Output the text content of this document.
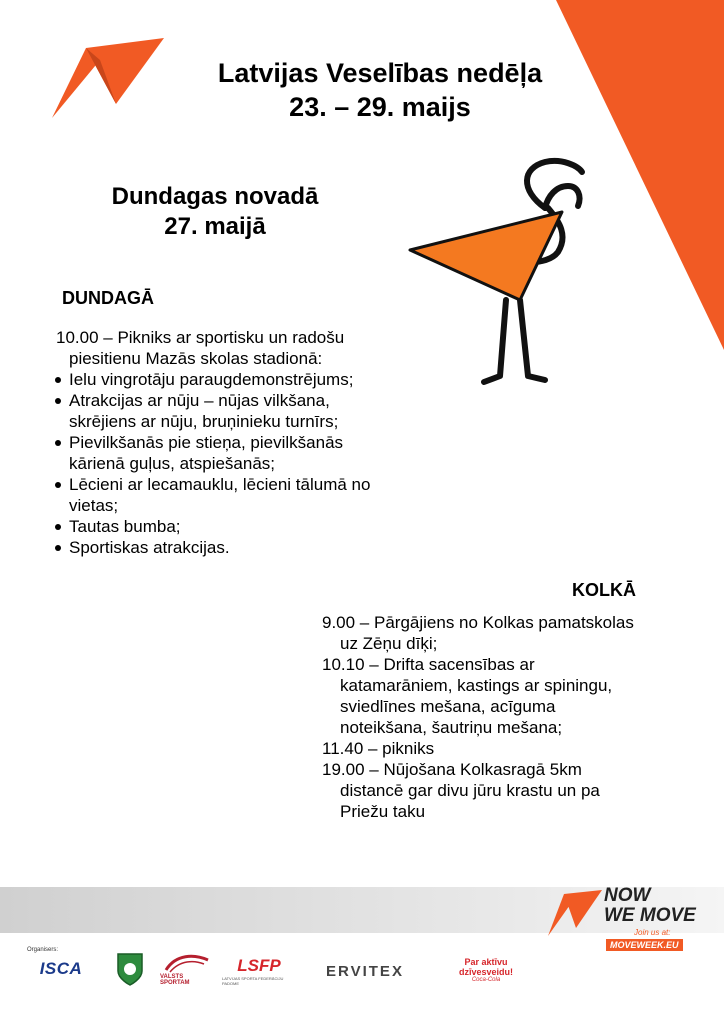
Latvijas Veselības nedēļa
23. – 29. maijs
Dundagas novadā
27. maijā
DUNDAGĀ
10.00 – Pikniks ar sportisku un radošu
piesitienu Mazās skolas stadionā:
Ielu vingrotāju paraugdemonstrējums;
Atrakcijas ar nūju – nūjas vilkšana,
skrējiens ar nūju, bruņinieku turnīrs;
Pievilkšanās pie stieņa, pievilkšanās
kārienā guļus, atspiešanās;
Lēcieni ar lecamauklu, lēcieni tālumā no
vietas;
Tautas bumba;
Sportiskas atrakcijas.
KOLKĀ
9.00 – Pārgājiens no Kolkas pamatskolas
uz Zēņu dīķi;
10.10 – Drifta sacensības ar
katamarāniem, kastings ar spiningu,
sviedlīnes mešana, acīguma
noteikšana, šautriņu mešana;
11.40 – pikniks
19.00 – Nūjošana Kolkasragā 5km
distancē gar divu jūru krastu un pa
Priežu taku
NOW
WE MOVE
Join us at:
MOVEWEEK.EU
Organisers:
ISCA	VALSTS SPORTAM
LSFP
LATVIJAS SPORTA FEDERĀCIJU PADOME
ERVITEX
Par aktīvu
dzīvesveidu!
Coca-Cola
